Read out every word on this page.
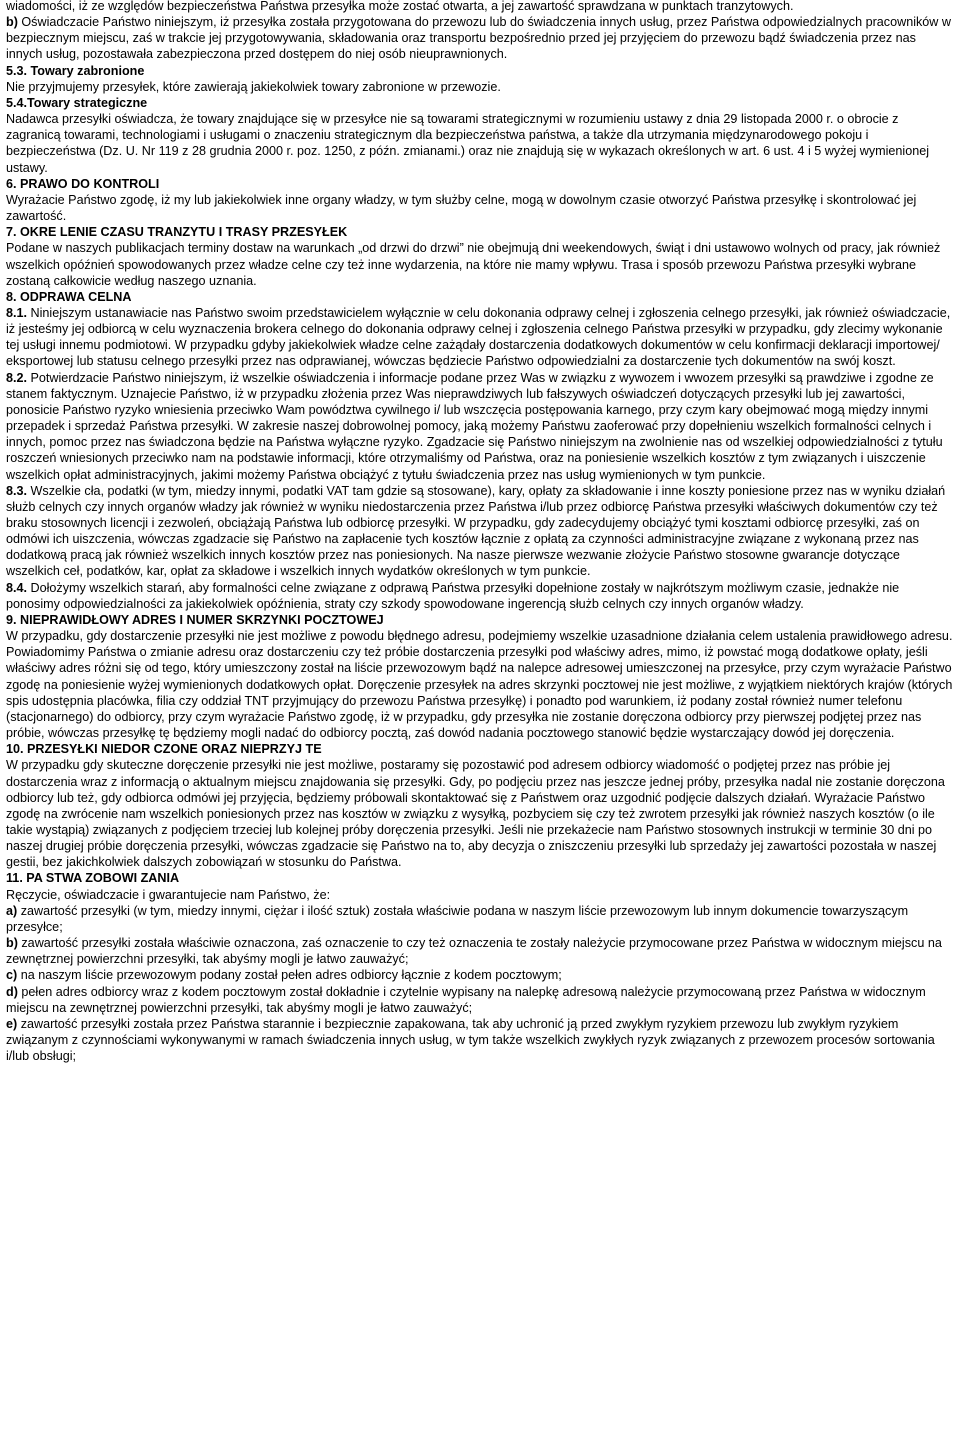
wiadomości, iż ze względów bezpieczeństwa Państwa przesyłka może zostać otwarta, a jej zawartość sprawdzana w punktach tranzytowych.

b) Oświadczacie Państwo niniejszym, iż przesyłka została przygotowana do przewozu lub do świadczenia innych usług, przez Państwa odpowiedzialnych pracowników w bezpiecznym miejscu, zaś w trakcie jej przygotowywania, składowania oraz transportu bezpośrednio przed jej przyjęciem do przewozu bądź świadczenia przez nas innych usług, pozostawała zabezpieczona przed dostępem do niej osób nieuprawnionych.

5.3. Towary zabronione

Nie przyjmujemy przesyłek, które zawierają jakiekolwiek towary zabronione w przewozie.

5.4.Towary strategiczne

Nadawca przesyłki oświadcza, że towary znajdujące się w przesyłce nie są towarami strategicznymi w rozumieniu ustawy z dnia 29 listopada 2000 r. o obrocie z zagranicą towarami, technologiami i usługami o znaczeniu strategicznym dla bezpieczeństwa państwa, a także dla utrzymania międzynarodowego pokoju i bezpieczeństwa (Dz. U. Nr 119 z 28 grudnia 2000 r. poz. 1250, z późn. zmianami.) oraz nie znajdują się w wykazach określonych w art. 6 ust. 4 i 5 wyżej wymienionej ustawy.

6. PRAWO DO KONTROLI

Wyrażacie Państwo zgodę, iż my lub jakiekolwiek inne organy władzy, w tym służby celne, mogą w dowolnym czasie otworzyć Państwa przesyłkę i skontrolować jej zawartość.

7. OKRE LENIE CZASU TRANZYTU I TRASY PRZESYŁEK

Podane w naszych publikacjach terminy dostaw na warunkach „od drzwi do drzwi” nie obejmują dni weekendowych, świąt i dni ustawowo wolnych od pracy, jak również wszelkich opóźnień spowodowanych przez władze celne czy też inne wydarzenia, na które nie mamy wpływu. Trasa i sposób przewozu Państwa przesyłki wybrane zostaną całkowicie według naszego uznania.

8. ODPRAWA CELNA

8.1. Niniejszym ustanawiacie nas Państwo swoim przedstawicielem wyłącznie w celu dokonania odprawy celnej i zgłoszenia celnego przesyłki, jak również oświadczacie, iż jesteśmy jej odbiorcą w celu wyznaczenia brokera celnego do dokonania odprawy celnej i zgłoszenia celnego Państwa przesyłki w przypadku, gdy zlecimy wykonanie tej usługi innemu podmiotowi. W przypadku gdyby jakiekolwiek władze celne zażądały dostarczenia dodatkowych dokumentów w celu konfirmacji deklaracji importowej/ eksportowej lub statusu celnego przesyłki przez nas odprawianej, wówczas będziecie Państwo odpowiedzialni za dostarczenie tych dokumentów na swój koszt.

8.2. Potwierdzacie Państwo niniejszym, iż wszelkie oświadczenia i informacje podane przez Was w związku z wywozem i wwozem przesyłki są prawdziwe i zgodne ze stanem faktycznym. Uznajecie Państwo, iż w przypadku złożenia przez Was nieprawdziwych lub fałszywych oświadczeń dotyczących przesyłki lub jej zawartości, ponosicie Państwo ryzyko wniesienia przeciwko Wam powództwa cywilnego i/ lub wszczęcia postępowania karnego, przy czym kary obejmować mogą między innymi przepadek i sprzedaż Państwa przesyłki. W zakresie naszej dobrowolnej pomocy, jaką możemy Państwu zaoferować przy dopełnieniu wszelkich formalności celnych i innych, pomoc przez nas świadczona będzie na Państwa wyłączne ryzyko. Zgadzacie się Państwo niniejszym na zwolnienie nas od wszelkiej odpowiedzialności z tytułu roszczeń wniesionych przeciwko nam na podstawie informacji, które otrzymaliśmy od Państwa, oraz na poniesienie wszelkich kosztów z tym związanych i uiszczenie wszelkich opłat administracyjnych, jakimi możemy Państwa obciążyć z tytułu świadczenia przez nas usług wymienionych w tym punkcie.

8.3. Wszelkie cła, podatki (w tym, miedzy innymi, podatki VAT tam gdzie są stosowane), kary, opłaty za składowanie i inne koszty poniesione przez nas w wyniku działań służb celnych czy innych organów władzy jak również w wyniku niedostarczenia przez Państwa i/lub przez odbiorcę Państwa przesyłki właściwych dokumentów czy też braku stosownych licencji i zezwoleń, obciążają Państwa lub odbiorcę przesyłki. W przypadku, gdy zadecydujemy obciążyć tymi kosztami odbiorcę przesyłki, zaś on odmówi ich uiszczenia, wówczas zgadzacie się Państwo na zapłacenie tych kosztów łącznie z opłatą za czynności administracyjne związane z wykonaną przez nas dodatkową pracą jak również wszelkich innych kosztów przez nas poniesionych. Na nasze pierwsze wezwanie złożycie Państwo stosowne gwarancje dotyczące wszelkich ceł, podatków, kar, opłat za składowe i wszelkich innych wydatków określonych w tym punkcie.

8.4. Dołożymy wszelkich starań, aby formalności celne związane z odprawą Państwa przesyłki dopełnione zostały w najkrótszym możliwym czasie, jednakże nie ponosimy odpowiedzialności za jakiekolwiek opóźnienia, straty czy szkody spowodowane ingerencją służb celnych czy innych organów władzy.

9. NIEPRAWIDŁOWY ADRES I NUMER SKRZYNKI POCZTOWEJ

W przypadku, gdy dostarczenie przesyłki nie jest możliwe z powodu błędnego adresu, podejmiemy wszelkie uzasadnione działania celem ustalenia prawidłowego adresu. Powiadomimy Państwa o zmianie adresu oraz dostarczeniu czy też próbie dostarczenia przesyłki pod właściwy adres, mimo, iż powstać mogą dodatkowe opłaty, jeśli właściwy adres różni się od tego, który umieszczony został na liście przewozowym bądź na nalepce adresowej umieszczonej na przesyłce, przy czym wyrażacie Państwo zgodę na poniesienie wyżej wymienionych dodatkowych opłat. Doręczenie przesyłek na adres skrzynki pocztowej nie jest możliwe, z wyjątkiem niektórych krajów (których spis udostępnia placówka, filia czy oddział TNT przyjmujący do przewozu Państwa przesyłkę) i ponadto pod warunkiem, iż podany został również numer telefonu (stacjonarnego) do odbiorcy, przy czym wyrażacie Państwo zgodę, iż w przypadku, gdy przesyłka nie zostanie doręczona odbiorcy przy pierwszej podjętej przez nas próbie, wówczas przesyłkę tę będziemy mogli nadać do odbiorcy pocztą, zaś dowód nadania pocztowego stanowić będzie wystarczający dowód jej doręczenia.

10. PRZESYŁKI NIEDOR CZONE ORAZ NIEPRZYJ TE

W przypadku gdy skuteczne doręczenie przesyłki nie jest możliwe, postaramy się pozostawić pod adresem odbiorcy wiadomość o podjętej przez nas próbie jej dostarczenia wraz z informacją o aktualnym miejscu znajdowania się przesyłki. Gdy, po podjęciu przez nas jeszcze jednej próby, przesyłka nadal nie zostanie doręczona odbiorcy lub też, gdy odbiorca odmówi jej przyjęcia, będziemy próbowali skontaktować się z Państwem oraz uzgodnić podjęcie dalszych działań. Wyrażacie Państwo zgodę na zwrócenie nam wszelkich poniesionych przez nas kosztów w związku z wysyłką, pozbyciem się czy też zwrotem przesyłki jak również naszych kosztów (o ile takie wystąpią) związanych z podjęciem trzeciej lub kolejnej próby doręczenia przesyłki. Jeśli nie przekażecie nam Państwo stosownych instrukcji w terminie 30 dni po naszej drugiej próbie doręczenia przesyłki, wówczas zgadzacie się Państwo na to, aby decyzja o zniszczeniu przesyłki lub sprzedaży jej zawartości pozostała w naszej gestii, bez jakichkolwiek dalszych zobowiązań w stosunku do Państwa.

11. PA STWA ZOBOWI ZANIA

Ręczycie, oświadczacie i gwarantujecie nam Państwo, że:

a) zawartość przesyłki (w tym, miedzy innymi, ciężar i ilość sztuk) została właściwie podana w naszym liście przewozowym lub innym dokumencie towarzyszącym przesyłce;

b) zawartość przesyłki została właściwie oznaczona, zaś oznaczenie to czy też oznaczenia te zostały należycie przymocowane przez Państwa w widocznym miejscu na zewnętrznej powierzchni przesyłki, tak abyśmy mogli je łatwo zauważyć;

c) na naszym liście przewozowym podany został pełen adres odbiorcy łącznie z kodem pocztowym;

d) pełen adres odbiorcy wraz z kodem pocztowym został dokładnie i czytelnie wypisany na nalepkę adresową należycie przymocowaną przez Państwa w widocznym miejscu na zewnętrznej powierzchni przesyłki, tak abyśmy mogli je łatwo zauważyć;

e) zawartość przesyłki została przez Państwa starannie i bezpiecznie zapakowana, tak aby uchronić ją przed zwykłym ryzykiem przewozu lub zwykłym ryzykiem związanym z czynnościami wykonywanymi w ramach świadczenia innych usług, w tym także wszelkich zwykłych ryzyk związanych z przewozem procesów sortowania i/lub obsługi;
